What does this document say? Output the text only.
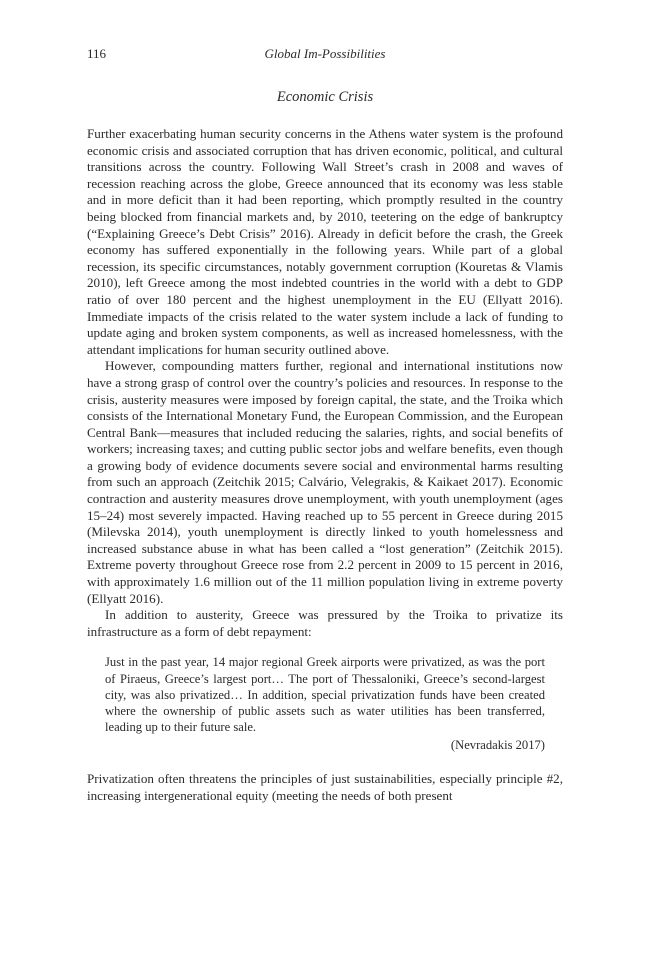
116	Global Im-Possibilities
Economic Crisis

Further exacerbating human security concerns in the Athens water system is the profound economic crisis and associated corruption that has driven economic, political, and cultural transitions across the country. Following Wall Street’s crash in 2008 and waves of recession reaching across the globe, Greece announced that its economy was less stable and in more deficit than it had been reporting, which promptly resulted in the country being blocked from financial markets and, by 2010, teetering on the edge of bankruptcy (“Explaining Greece’s Debt Crisis” 2016). Already in deficit before the crash, the Greek economy has suffered exponentially in the following years. While part of a global recession, its specific circumstances, notably government corruption (Kouretas & Vlamis 2010), left Greece among the most indebted countries in the world with a debt to GDP ratio of over 180 percent and the highest unemployment in the EU (Ellyatt 2016). Immediate impacts of the crisis related to the water system include a lack of funding to update aging and broken system components, as well as increased homelessness, with the attendant implications for human security outlined above.

However, compounding matters further, regional and international institutions now have a strong grasp of control over the country’s policies and resources. In response to the crisis, austerity measures were imposed by foreign capital, the state, and the Troika which consists of the International Monetary Fund, the European Commission, and the European Central Bank—measures that included reducing the salaries, rights, and social benefits of workers; increasing taxes; and cutting public sector jobs and welfare benefits, even though a growing body of evidence documents severe social and environmental harms resulting from such an approach (Zeitchik 2015; Calvário, Velegrakis, & Kaikaet 2017). Economic contraction and austerity measures drove unemployment, with youth unemployment (ages 15–24) most severely impacted. Having reached up to 55 percent in Greece during 2015 (Milevska 2014), youth unemployment is directly linked to youth homelessness and increased substance abuse in what has been called a “lost generation” (Zeitchik 2015). Extreme poverty throughout Greece rose from 2.2 percent in 2009 to 15 percent in 2016, with approximately 1.6 million out of the 11 million population living in extreme poverty (Ellyatt 2016).

In addition to austerity, Greece was pressured by the Troika to privatize its infrastructure as a form of debt repayment:

Just in the past year, 14 major regional Greek airports were privatized, as was the port of Piraeus, Greece’s largest port… The port of Thessaloniki, Greece’s second-largest city, was also privatized… In addition, special privatization funds have been created where the ownership of public assets such as water utilities has been transferred, leading up to their future sale.
(Nevradakis 2017)

Privatization often threatens the principles of just sustainabilities, especially principle #2, increasing intergenerational equity (meeting the needs of both present
